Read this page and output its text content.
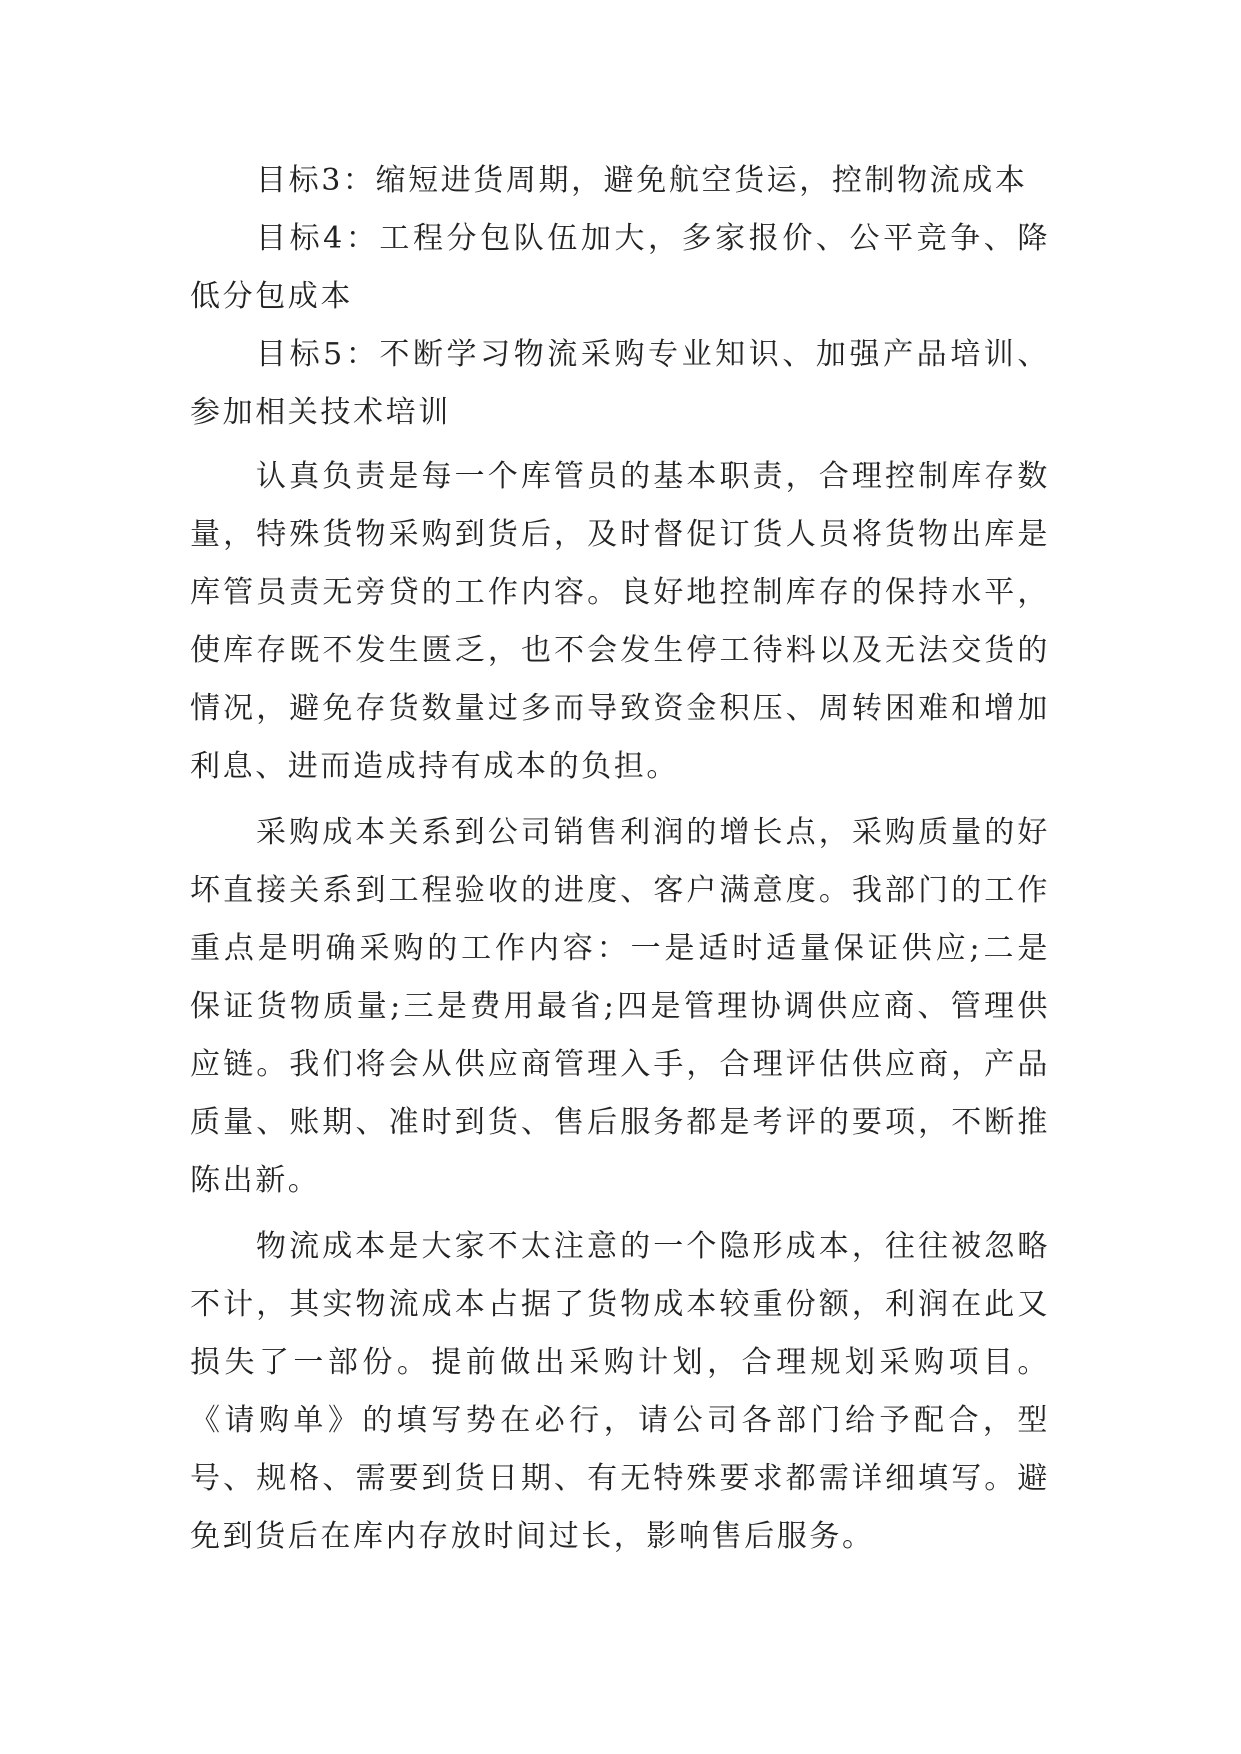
目标3：缩短进货周期，避免航空货运，控制物流成本

目标4：工程分包队伍加大，多家报价、公平竞争、降低分包成本

目标5：不断学习物流采购专业知识、加强产品培训、参加相关技术培训

认真负责是每一个库管员的基本职责，合理控制库存数量，特殊货物采购到货后，及时督促订货人员将货物出库是库管员责无旁贷的工作内容。良好地控制库存的保持水平，使库存既不发生匮乏，也不会发生停工待料以及无法交货的情况，避免存货数量过多而导致资金积压、周转困难和增加利息、进而造成持有成本的负担。

采购成本关系到公司销售利润的增长点，采购质量的好坏直接关系到工程验收的进度、客户满意度。我部门的工作重点是明确采购的工作内容：一是适时适量保证供应;二是保证货物质量;三是费用最省;四是管理协调供应商、管理供应链。我们将会从供应商管理入手，合理评估供应商，产品质量、账期、准时到货、售后服务都是考评的要项，不断推陈出新。

物流成本是大家不太注意的一个隐形成本，往往被忽略不计，其实物流成本占据了货物成本较重份额，利润在此又损失了一部份。提前做出采购计划，合理规划采购项目。《请购单》的填写势在必行，请公司各部门给予配合，型号、规格、需要到货日期、有无特殊要求都需详细填写。避免到货后在库内存放时间过长，影响售后服务。
